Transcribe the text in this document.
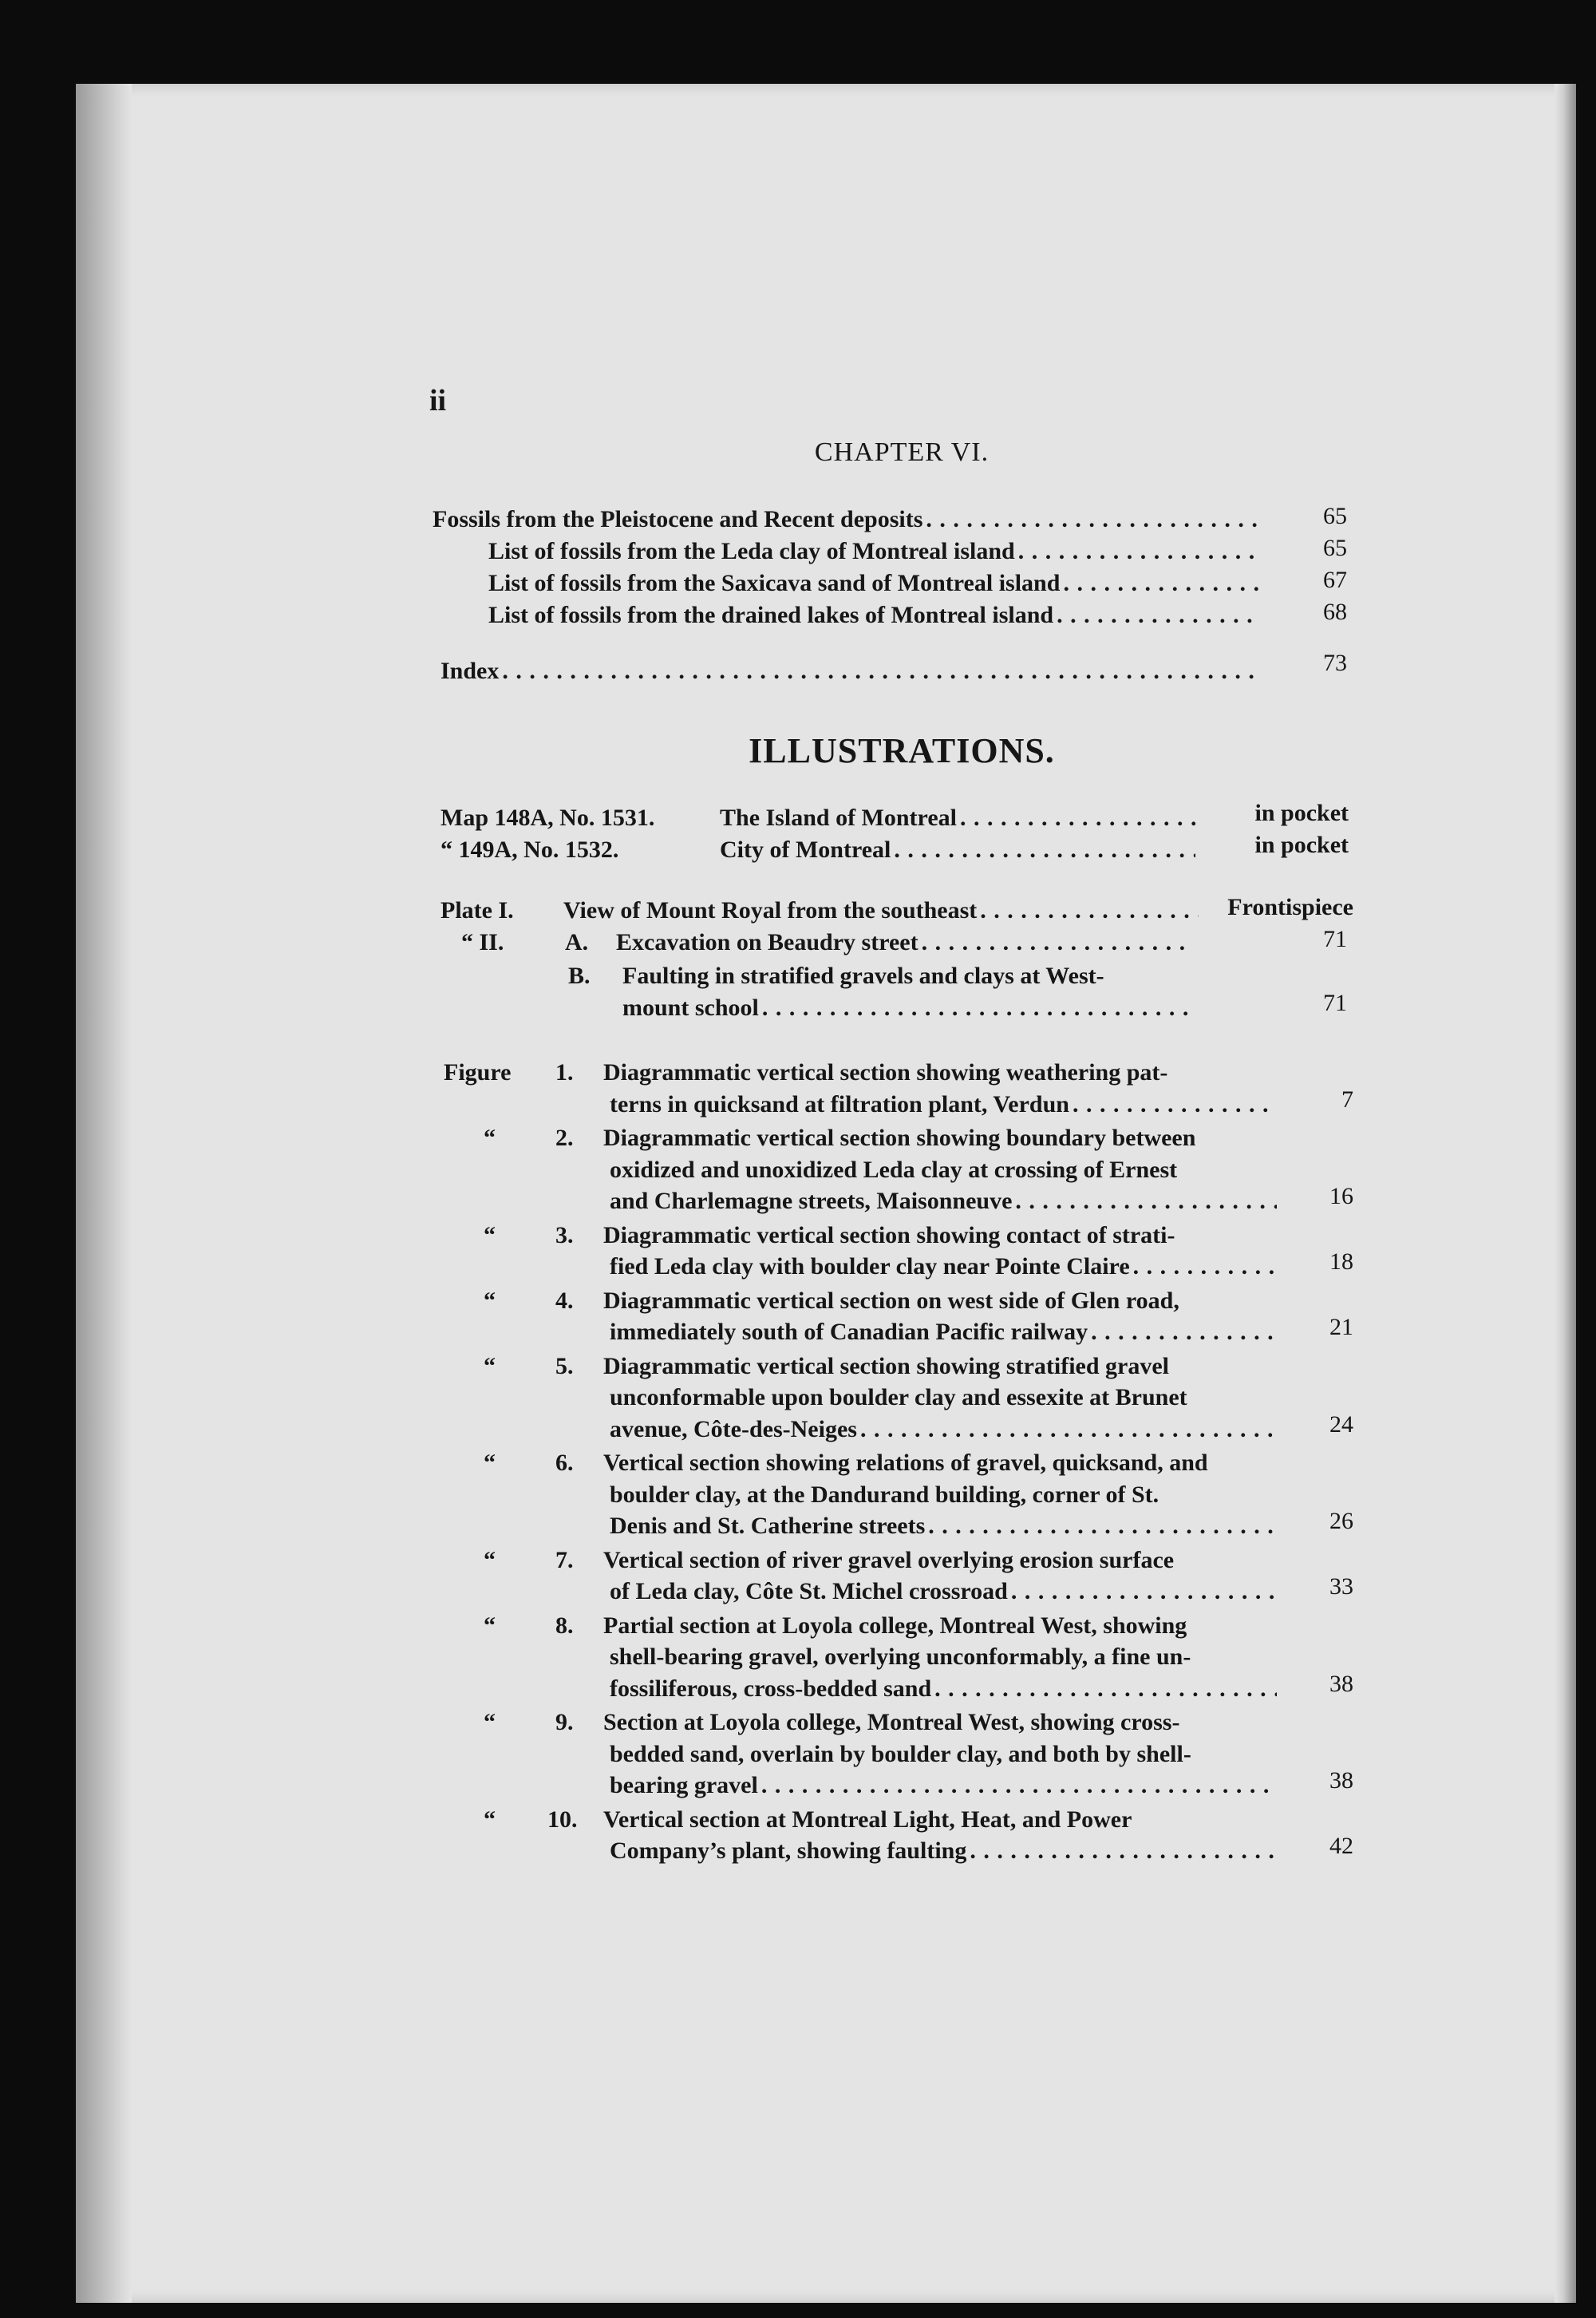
ii
CHAPTER VI.
Fossils from the Pleistocene and Recent deposits . . .	65
List of fossils from the Leda clay of Montreal island . . .	65
List of fossils from the Saxicava sand of Montreal island . . .	67
List of fossils from the drained lakes of Montreal island . . .	68
Index . . .	73
ILLUSTRATIONS.
Map 148A, No. 1531.	The Island of Montreal . . .	in pocket
“ 149A, No. 1532.	City of Montreal . . .	in pocket
Plate I. View of Mount Royal from the southeast . . .	Frontispiece
“ II.	A. Excavation on Beaudry street . . .	71
B. Faulting in stratified gravels and clays at West-
mount school . . .	71
Figure 1. Diagrammatic vertical section showing weathering pat-
terns in quicksand at filtration plant, Verdun . . .	7
“	2. Diagrammatic vertical section showing boundary between
oxidized and unoxidized Leda clay at crossing of Ernest
and Charlemagne streets, Maisonneuve . . .	16
“	3. Diagrammatic vertical section showing contact of strati-
fied Leda clay with boulder clay near Pointe Claire . . .	18
“	4. Diagrammatic vertical section on west side of Glen road,
immediately south of Canadian Pacific railway . . .	21
“	5. Diagrammatic vertical section showing stratified gravel
unconformable upon boulder clay and essexite at Brunet
avenue, Côte-des-Neiges . . .	24
“	6. Vertical section showing relations of gravel, quicksand, and
boulder clay, at the Dandurand building, corner of St.
Denis and St. Catherine streets . . .	26
“	7. Vertical section of river gravel overlying erosion surface
of Leda clay, Côte St. Michel crossroad . . .	33
“	8. Partial section at Loyola college, Montreal West, showing
shell-bearing gravel, overlying unconformably, a fine un-
fossiliferous, cross-bedded sand . . .	38
“	9. Section at Loyola college, Montreal West, showing cross-
bedded sand, overlain by boulder clay, and both by shell-
bearing gravel . . .	38
“ 10. Vertical section at Montreal Light, Heat, and Power
Company’s plant, showing faulting . . .	42
